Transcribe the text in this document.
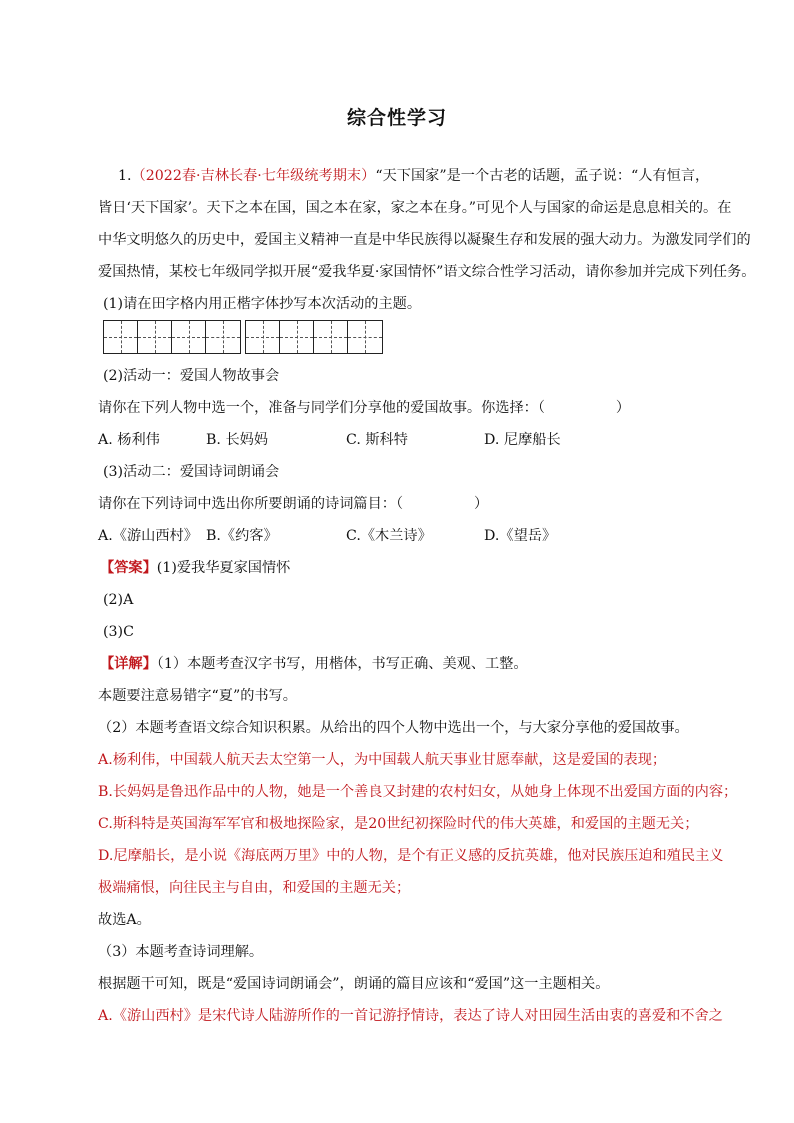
综合性学习
1.（2022春·吉林长春·七年级统考期末）“天下国家”是一个古老的话题，孟子说：“人有恒言，
皆日‘天下国家’。天下之本在国，国之本在家，家之本在身。”可见个人与国家的命运是息息相关的。在
中华文明悠久的历史中，爱国主义精神一直是中华民族得以凝聚生存和发展的强大动力。为激发同学们的
爱国热情，某校七年级同学拟开展“爱我华夏·家国情怀”语文综合性学习活动，请你参加并完成下列任务。
(1)请在田字格内用正楷字体抄写本次活动的主题。
(2)活动一：爱国人物故事会
请你在下列人物中选一个，准备与同学们分享他的爱国故事。你选择：（　　　　　）
A. 杨利伟	B. 长妈妈	C. 斯科特	D. 尼摩船长
(3)活动二：爱国诗词朗诵会
请你在下列诗词中选出你所要朗诵的诗词篇目：（　　　　　）
A.《游山西村》 B.《约客》	C.《木兰诗》	D.《望岳》
【答案】(1)爱我华夏家国情怀
(2)A
(3)C
【详解】（1）本题考查汉字书写，用楷体，书写正确、美观、工整。
本题要注意易错字“夏”的书写。
（2）本题考查语文综合知识积累。从给出的四个人物中选出一个，与大家分享他的爱国故事。
A.杨利伟，中国载人航天去太空第一人，为中国载人航天事业甘愿奉献，这是爱国的表现；
B.长妈妈是鲁迅作品中的人物，她是一个善良又封建的农村妇女，从她身上体现不出爱国方面的内容；
C.斯科特是英国海军军官和极地探险家，是20世纪初探险时代的伟大英雄，和爱国的主题无关；
D.尼摩船长，是小说《海底两万里》中的人物，是个有正义感的反抗英雄，他对民族压迫和殖民主义
极端痛恨，向往民主与自由，和爱国的主题无关；
故选A。
（3）本题考查诗词理解。
根据题干可知，既是“爱国诗词朗诵会”，朗诵的篇目应该和“爱国”这一主题相关。
A.《游山西村》是宋代诗人陆游所作的一首记游抒情诗，表达了诗人对田园生活由衷的喜爱和不舍之
